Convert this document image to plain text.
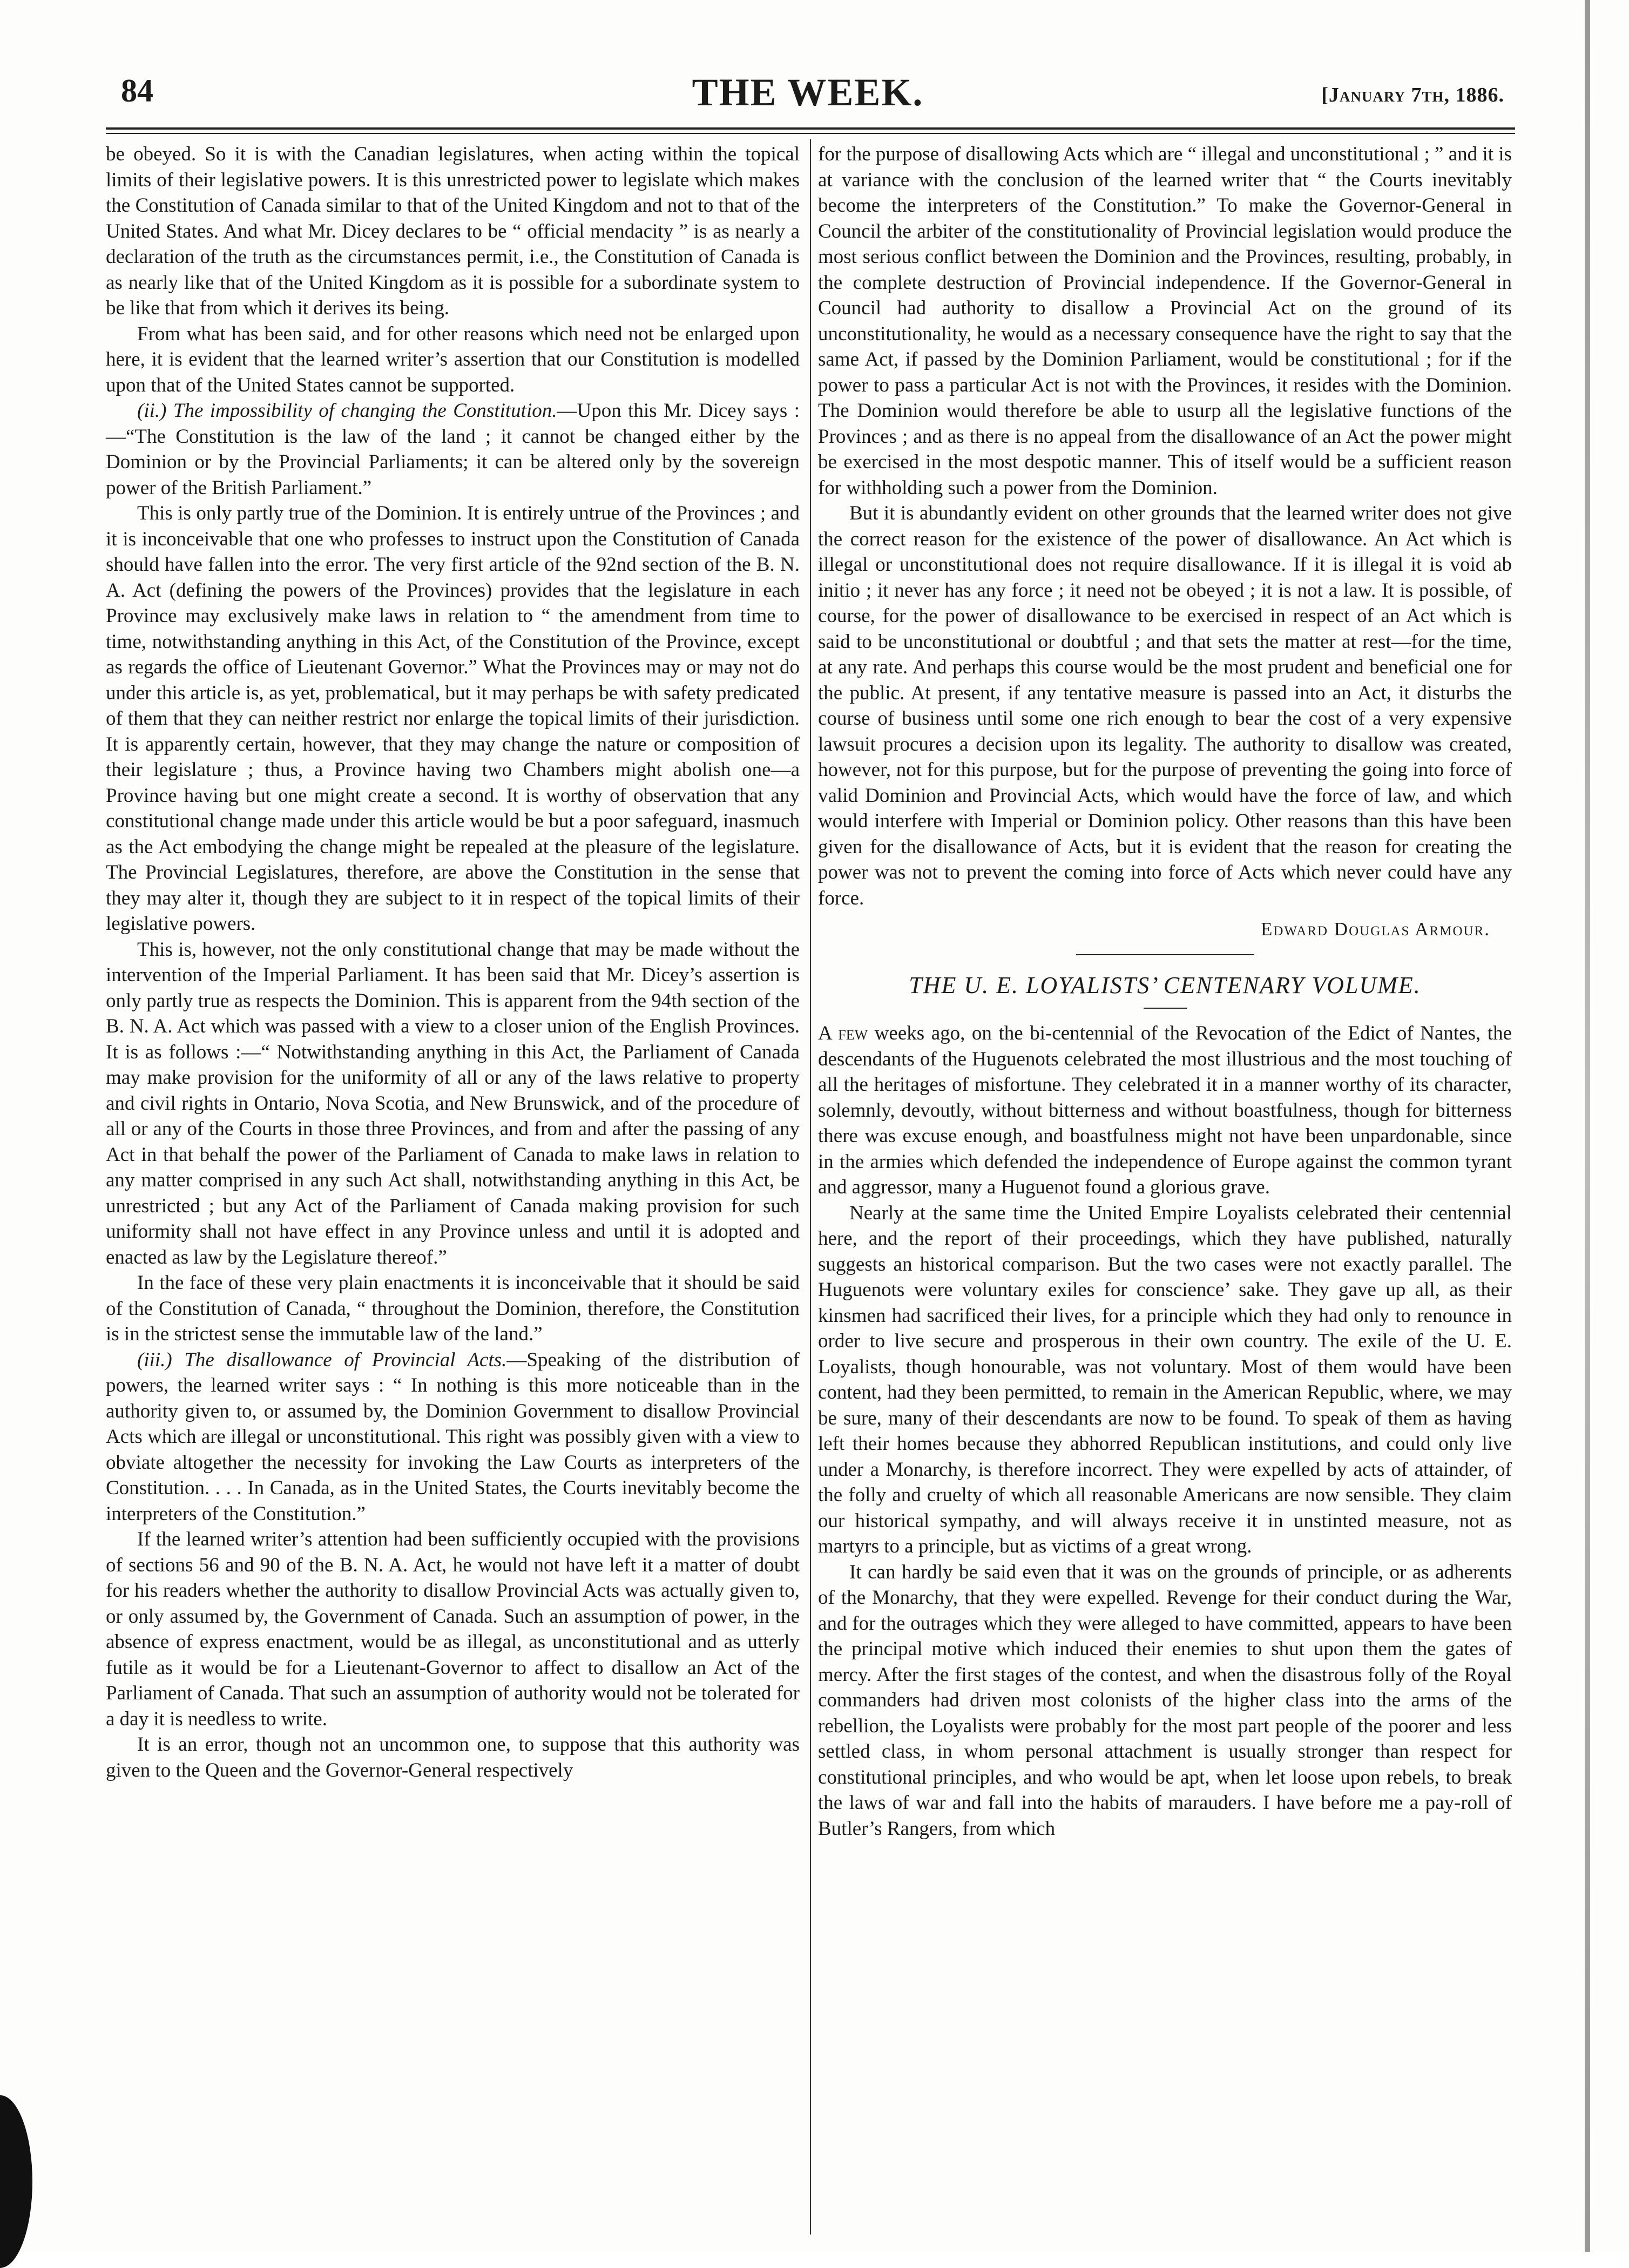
84	THE WEEK.	[January 7th, 1886.

be obeyed. So it is with the Canadian legislatures, when acting within the topical limits of their legislative powers. It is this unrestricted power to legislate which makes the Constitution of Canada similar to that of the United Kingdom and not to that of the United States. And what Mr. Dicey declares to be “ official mendacity ” is as nearly a declaration of the truth as the circumstances permit, i.e., the Constitution of Canada is as nearly like that of the United Kingdom as it is possible for a subordinate system to be like that from which it derives its being.

From what has been said, and for other reasons which need not be enlarged upon here, it is evident that the learned writer’s assertion that our Constitution is modelled upon that of the United States cannot be supported.

(ii.) The impossibility of changing the Constitution.—Upon this Mr. Dicey says :—“The Constitution is the law of the land ; it cannot be changed either by the Dominion or by the Provincial Parliaments; it can be altered only by the sovereign power of the British Parliament.”

This is only partly true of the Dominion. It is entirely untrue of the Provinces ; and it is inconceivable that one who professes to instruct upon the Constitution of Canada should have fallen into the error. The very first article of the 92nd section of the B. N. A. Act (defining the powers of the Provinces) provides that the legislature in each Province may exclusively make laws in relation to “ the amendment from time to time, notwithstanding anything in this Act, of the Constitution of the Province, except as regards the office of Lieutenant Governor.” What the Provinces may or may not do under this article is, as yet, problematical, but it may perhaps be with safety predicated of them that they can neither restrict nor enlarge the topical limits of their jurisdiction. It is apparently certain, however, that they may change the nature or composition of their legislature ; thus, a Province having two Chambers might abolish one—a Province having but one might create a second. It is worthy of observation that any constitutional change made under this article would be but a poor safeguard, inasmuch as the Act embodying the change might be repealed at the pleasure of the legislature. The Provincial Legislatures, therefore, are above the Constitution in the sense that they may alter it, though they are subject to it in respect of the topical limits of their legislative powers.

This is, however, not the only constitutional change that may be made without the intervention of the Imperial Parliament. It has been said that Mr. Dicey’s assertion is only partly true as respects the Dominion. This is apparent from the 94th section of the B. N. A. Act which was passed with a view to a closer union of the English Provinces. It is as follows :—“ Notwithstanding anything in this Act, the Parliament of Canada may make provision for the uniformity of all or any of the laws relative to property and civil rights in Ontario, Nova Scotia, and New Brunswick, and of the procedure of all or any of the Courts in those three Provinces, and from and after the passing of any Act in that behalf the power of the Parliament of Canada to make laws in relation to any matter comprised in any such Act shall, notwithstanding anything in this Act, be unrestricted ; but any Act of the Parliament of Canada making provision for such uniformity shall not have effect in any Province unless and until it is adopted and enacted as law by the Legislature thereof.”

In the face of these very plain enactments it is inconceivable that it should be said of the Constitution of Canada, “ throughout the Dominion, therefore, the Constitution is in the strictest sense the immutable law of the land.”

(iii.) The disallowance of Provincial Acts.—Speaking of the distribution of powers, the learned writer says : “ In nothing is this more noticeable than in the authority given to, or assumed by, the Dominion Government to disallow Provincial Acts which are illegal or unconstitutional. This right was possibly given with a view to obviate altogether the necessity for invoking the Law Courts as interpreters of the Constitution. . . . In Canada, as in the United States, the Courts inevitably become the interpreters of the Constitution.”

If the learned writer’s attention had been sufficiently occupied with the provisions of sections 56 and 90 of the B. N. A. Act, he would not have left it a matter of doubt for his readers whether the authority to disallow Provincial Acts was actually given to, or only assumed by, the Government of Canada. Such an assumption of power, in the absence of express enactment, would be as illegal, as unconstitutional and as utterly futile as it would be for a Lieutenant-Governor to affect to disallow an Act of the Parliament of Canada. That such an assumption of authority would not be tolerated for a day it is needless to write.

It is an error, though not an uncommon one, to suppose that this authority was given to the Queen and the Governor-General respectively

for the purpose of disallowing Acts which are “ illegal and unconstitutional ; ” and it is at variance with the conclusion of the learned writer that “ the Courts inevitably become the interpreters of the Constitution.” To make the Governor-General in Council the arbiter of the constitutionality of Provincial legislation would produce the most serious conflict between the Dominion and the Provinces, resulting, probably, in the complete destruction of Provincial independence. If the Governor-General in Council had authority to disallow a Provincial Act on the ground of its unconstitutionality, he would as a necessary consequence have the right to say that the same Act, if passed by the Dominion Parliament, would be constitutional ; for if the power to pass a particular Act is not with the Provinces, it resides with the Dominion. The Dominion would therefore be able to usurp all the legislative functions of the Provinces ; and as there is no appeal from the disallowance of an Act the power might be exercised in the most despotic manner. This of itself would be a sufficient reason for withholding such a power from the Dominion.

But it is abundantly evident on other grounds that the learned writer does not give the correct reason for the existence of the power of disallowance. An Act which is illegal or unconstitutional does not require disallowance. If it is illegal it is void ab initio ; it never has any force ; it need not be obeyed ; it is not a law. It is possible, of course, for the power of disallowance to be exercised in respect of an Act which is said to be unconstitutional or doubtful ; and that sets the matter at rest—for the time, at any rate. And perhaps this course would be the most prudent and beneficial one for the public. At present, if any tentative measure is passed into an Act, it disturbs the course of business until some one rich enough to bear the cost of a very expensive lawsuit procures a decision upon its legality. The authority to disallow was created, however, not for this purpose, but for the purpose of preventing the going into force of valid Dominion and Provincial Acts, which would have the force of law, and which would interfere with Imperial or Dominion policy. Other reasons than this have been given for the disallowance of Acts, but it is evident that the reason for creating the power was not to prevent the coming into force of Acts which never could have any force.

Edward Douglas Armour.
THE U. E. LOYALISTS’ CENTENARY VOLUME.

A few weeks ago, on the bi-centennial of the Revocation of the Edict of Nantes, the descendants of the Huguenots celebrated the most illustrious and the most touching of all the heritages of misfortune. They celebrated it in a manner worthy of its character, solemnly, devoutly, without bitterness and without boastfulness, though for bitterness there was excuse enough, and boastfulness might not have been unpardonable, since in the armies which defended the independence of Europe against the common tyrant and aggressor, many a Huguenot found a glorious grave.

Nearly at the same time the United Empire Loyalists celebrated their centennial here, and the report of their proceedings, which they have published, naturally suggests an historical comparison. But the two cases were not exactly parallel. The Huguenots were voluntary exiles for conscience’ sake. They gave up all, as their kinsmen had sacrificed their lives, for a principle which they had only to renounce in order to live secure and prosperous in their own country. The exile of the U. E. Loyalists, though honourable, was not voluntary. Most of them would have been content, had they been permitted, to remain in the American Republic, where, we may be sure, many of their descendants are now to be found. To speak of them as having left their homes because they abhorred Republican institutions, and could only live under a Monarchy, is therefore incorrect. They were expelled by acts of attainder, of the folly and cruelty of which all reasonable Americans are now sensible. They claim our historical sympathy, and will always receive it in unstinted measure, not as martyrs to a principle, but as victims of a great wrong.

It can hardly be said even that it was on the grounds of principle, or as adherents of the Monarchy, that they were expelled. Revenge for their conduct during the War, and for the outrages which they were alleged to have committed, appears to have been the principal motive which induced their enemies to shut upon them the gates of mercy. After the first stages of the contest, and when the disastrous folly of the Royal commanders had driven most colonists of the higher class into the arms of the rebellion, the Loyalists were probably for the most part people of the poorer and less settled class, in whom personal attachment is usually stronger than respect for constitutional principles, and who would be apt, when let loose upon rebels, to break the laws of war and fall into the habits of marauders. I have before me a pay-roll of Butler’s Rangers, from which
